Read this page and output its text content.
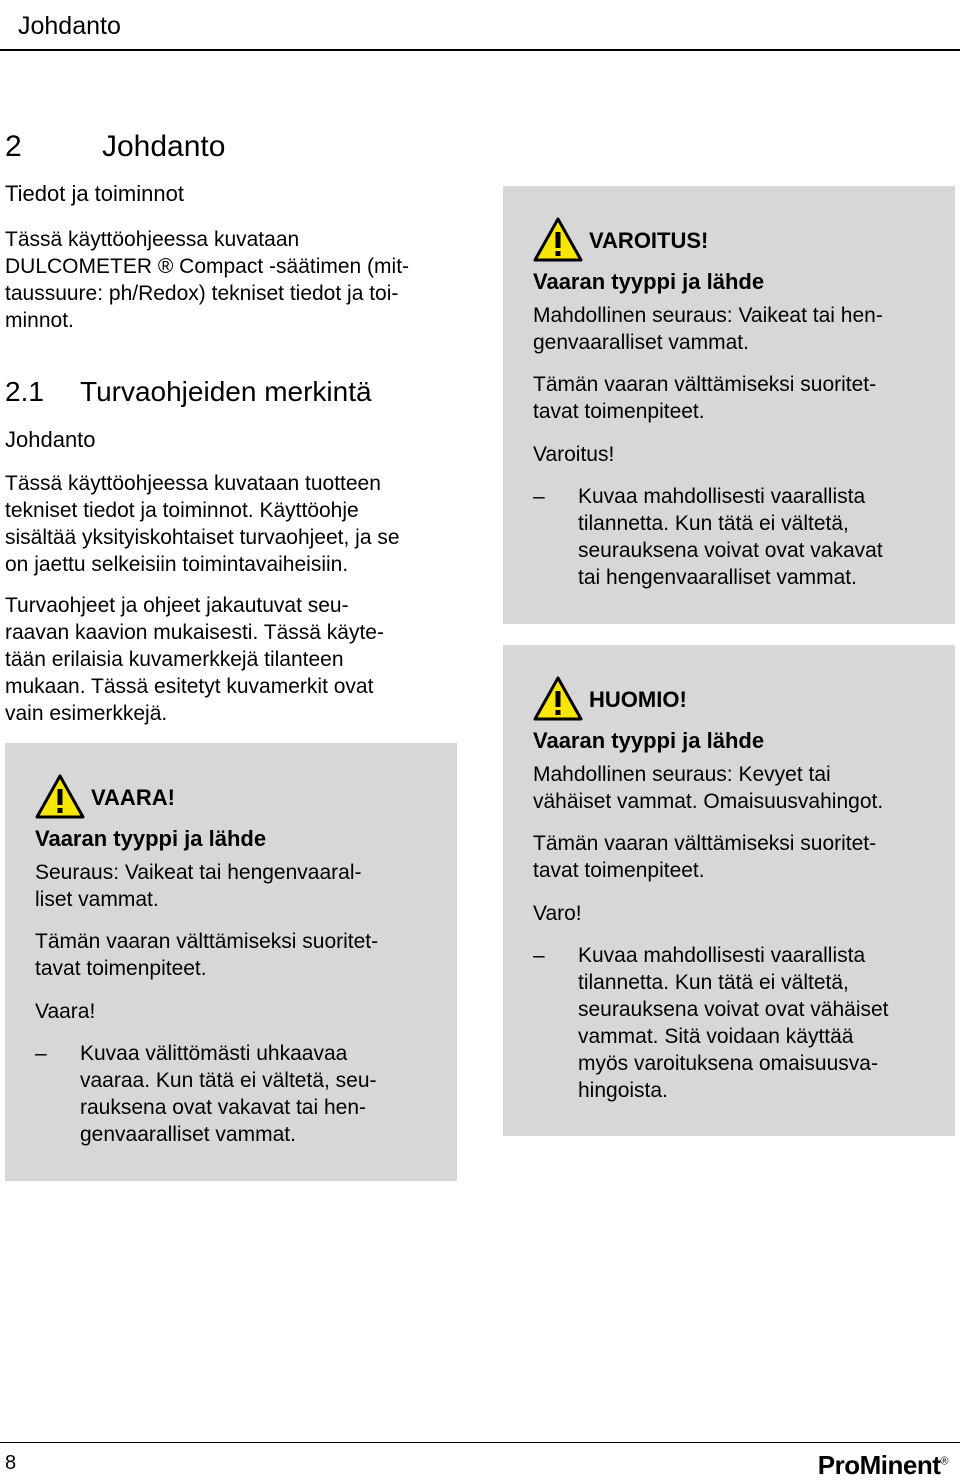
Johdanto
2	Johdanto

Tiedot ja toiminnot

Tässä käyttöohjeessa kuvataan

DULCOMETER ® Compact -säätimen (mit-

taussuure: ph/Redox) tekniset tiedot ja toi-

minnot.

2.1 Turvaohjeiden merkintä

Johdanto

Tässä käyttöohjeessa kuvataan tuotteen

tekniset tiedot ja toiminnot. Käyttöohje

sisältää yksityiskohtaiset turvaohjeet, ja se

on jaettu selkeisiin toimintavaiheisiin.

Turvaohjeet ja ohjeet jakautuvat seu-

raavan kaavion mukaisesti. Tässä käyte-

tään erilaisia kuvamerkkejä tilanteen

mukaan. Tässä esitetyt kuvamerkit ovat

vain esimerkkejä.

VAARA!

Vaaran tyyppi ja lähde

Seuraus: Vaikeat tai hengenvaaral-

liset vammat.

Tämän vaaran välttämiseksi suoritet-

tavat toimenpiteet.

Vaara!

– Kuvaa välittömästi uhkaavaa
vaaraa. Kun tätä ei vältetä, seu-
rauksena ovat vakavat tai hen-
genvaaralliset vammat.
VAROITUS!

Vaaran tyyppi ja lähde

Mahdollinen seuraus: Vaikeat tai hen-

genvaaralliset vammat.

Tämän vaaran välttämiseksi suoritet-

tavat toimenpiteet.

Varoitus!

– Kuvaa mahdollisesti vaarallista
tilannetta. Kun tätä ei vältetä,
seurauksena voivat ovat vakavat
tai hengenvaaralliset vammat.
HUOMIO!

Vaaran tyyppi ja lähde

Mahdollinen seuraus: Kevyet tai

vähäiset vammat. Omaisuusvahingot.

Tämän vaaran välttämiseksi suoritet-

tavat toimenpiteet.

Varo!

– Kuvaa mahdollisesti vaarallista
tilannetta. Kun tätä ei vältetä,
seurauksena voivat ovat vähäiset
vammat. Sitä voidaan käyttää
myös varoituksena omaisuusva-
hingoista.
8	ProMinent®
